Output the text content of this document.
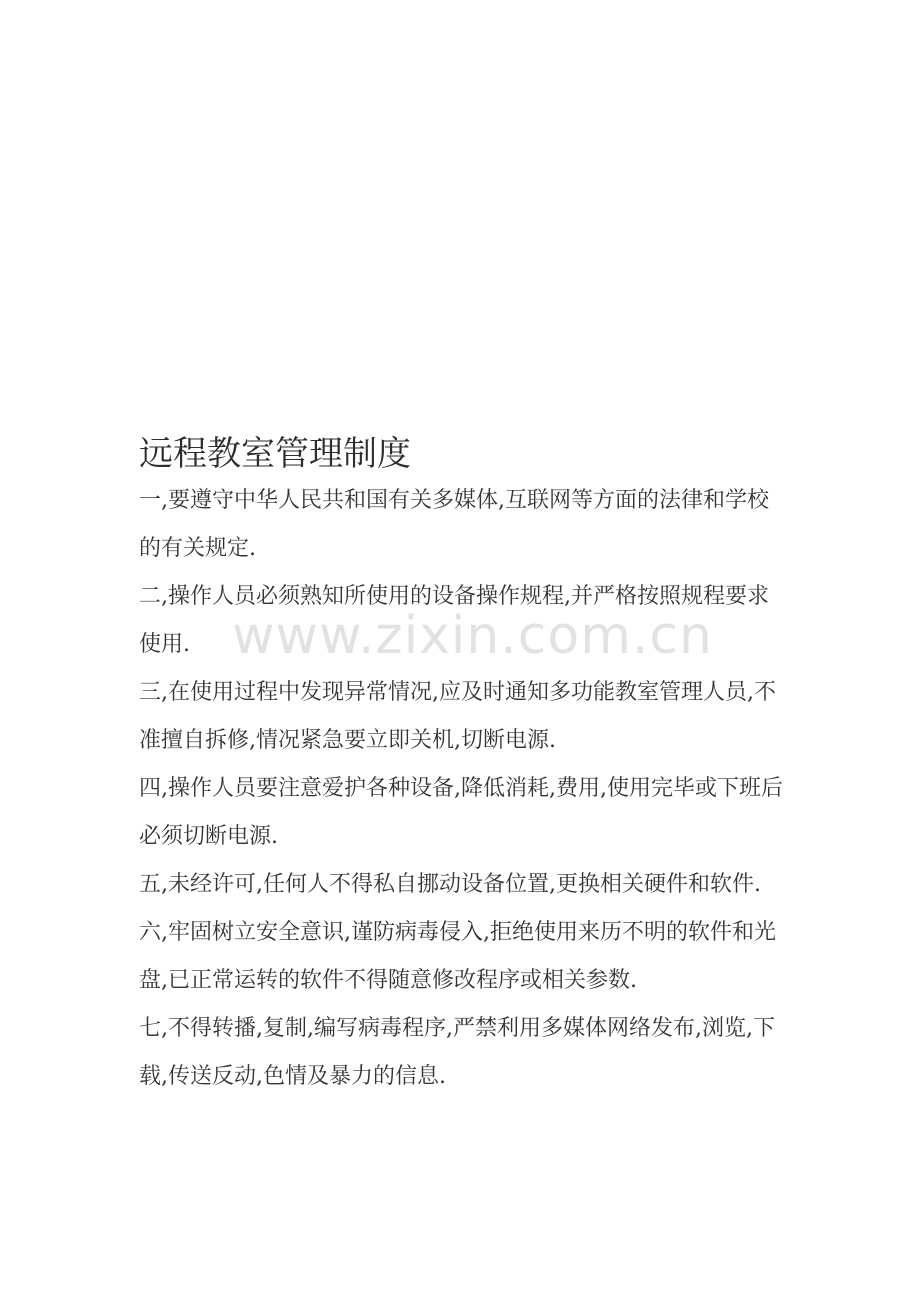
远程教室管理制度

一,要遵守中华人民共和国有关多媒体,互联网等方面的法律和学校的有关规定.

二,操作人员必须熟知所使用的设备操作规程,并严格按照规程要求使用.

三,在使用过程中发现异常情况,应及时通知多功能教室管理人员,不准擅自拆修,情况紧急要立即关机,切断电源.

四,操作人员要注意爱护各种设备,降低消耗,费用,使用完毕或下班后必须切断电源.

五,未经许可,任何人不得私自挪动设备位置,更换相关硬件和软件.

六,牢固树立安全意识,谨防病毒侵入,拒绝使用来历不明的软件和光盘,已正常运转的软件不得随意修改程序或相关参数.

七,不得转播,复制,编写病毒程序,严禁利用多媒体网络发布,浏览,下载,传送反动,色情及暴力的信息.

www.zixin.com.cn
